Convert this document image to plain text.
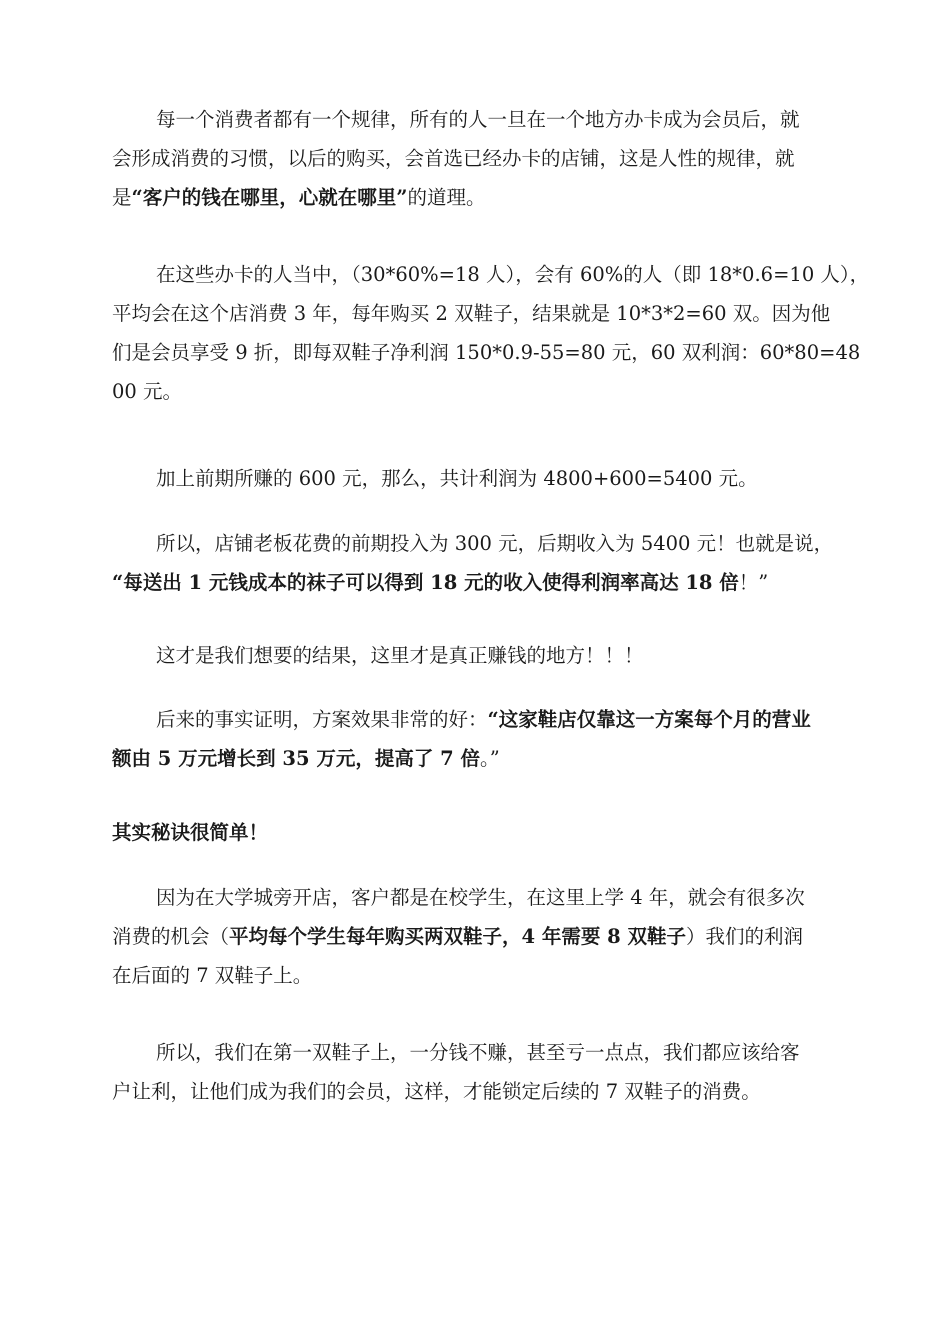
每一个消费者都有一个规律，所有的人一旦在一个地方办卡成为会员后，就
会形成消费的习惯，以后的购买，会首选已经办卡的店铺，这是人性的规律，就
是“客户的钱在哪里，心就在哪里”的道理。
在这些办卡的人当中，（30*60%=18 人），会有 60%的人（即 18*0.6=10 人），
平均会在这个店消费 3 年，每年购买 2 双鞋子，结果就是 10*3*2=60 双。因为他
们是会员享受 9 折，即每双鞋子净利润 150*0.9-55=80 元，60 双利润：60*80=48
00 元。
加上前期所赚的 600 元，那么，共计利润为 4800+600=5400 元。
所以，店铺老板花费的前期投入为 300 元，后期收入为 5400 元！也就是说，
“每送出 1 元钱成本的袜子可以得到 18 元的收入使得利润率高达 18 倍！”
这才是我们想要的结果，这里才是真正赚钱的地方！！！
后来的事实证明，方案效果非常的好：“这家鞋店仅靠这一方案每个月的营业
额由 5 万元增长到 35 万元，提高了 7 倍。”
其实秘诀很简单！
因为在大学城旁开店，客户都是在校学生，在这里上学 4 年，就会有很多次
消费的机会（平均每个学生每年购买两双鞋子，4 年需要 8 双鞋子）我们的利润
在后面的 7 双鞋子上。
所以，我们在第一双鞋子上，一分钱不赚，甚至亏一点点，我们都应该给客
户让利，让他们成为我们的会员，这样，才能锁定后续的 7 双鞋子的消费。
